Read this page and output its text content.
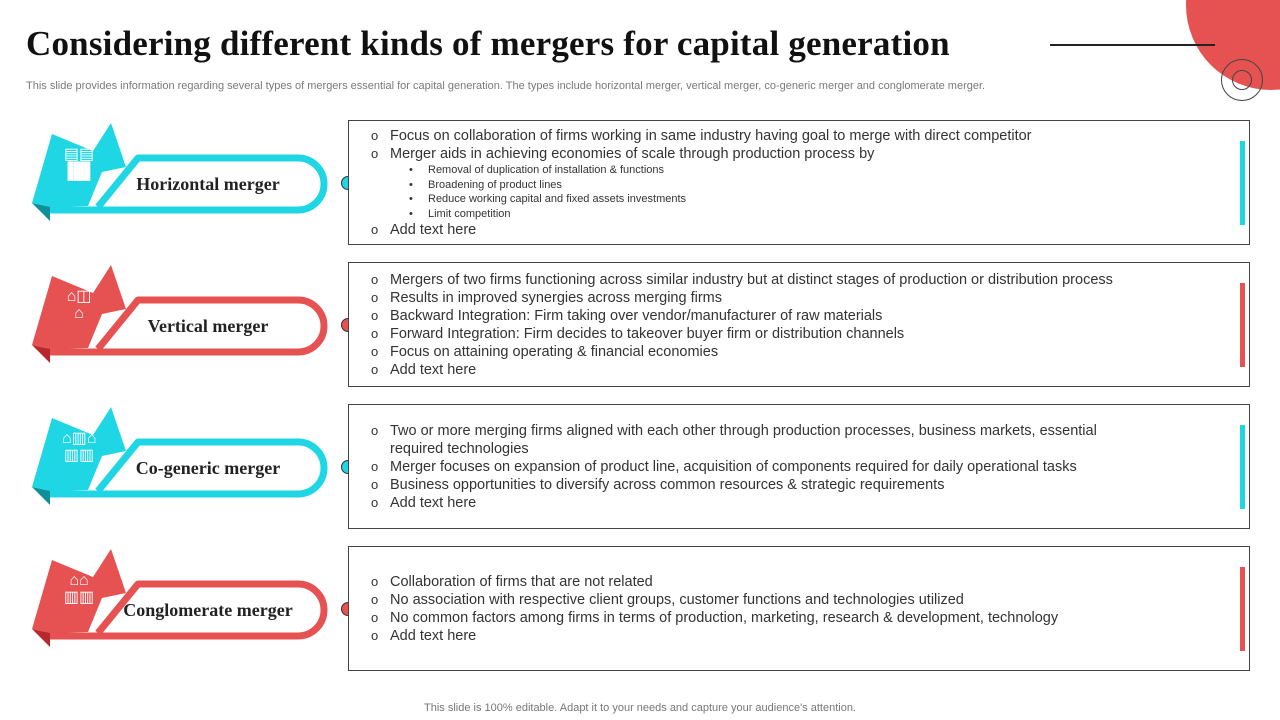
Considering different kinds of mergers for capital generation
This slide provides information regarding several types of mergers essential for capital generation. The types include horizontal merger, vertical merger, co-generic merger and conglomerate merger.
▤▤
▐█▌
Horizontal merger
o Focus on collaboration of firms working in same industry having goal to merge with direct competitor
o Merger aids in achieving economies of scale through production process by
• Removal of duplication of installation & functions
• Broadening of product lines
• Reduce working capital and fixed assets investments
• Limit competition
o Add text here
⌂◫
⌂
Vertical merger
o Mergers of two firms functioning across similar industry but at distinct stages of production or distribution process
o Results in improved synergies across merging firms
o Backward Integration: Firm taking over vendor/manufacturer of raw materials
o Forward Integration: Firm decides to takeover buyer firm or distribution channels
o Focus on attaining operating & financial economies
o Add text here
⌂▥⌂
▥▥
Co-generic merger
o Two or more merging firms aligned with each other through production processes, business markets, essential required technologies
o Merger focuses on expansion of product line, acquisition of components required for daily operational tasks
o Business opportunities to diversify across common resources & strategic requirements
o Add text here
⌂⌂
▥▥
Conglomerate merger
o Collaboration of firms that are not related
o No association with respective client groups, customer functions and technologies utilized
o No common factors among firms in terms of production, marketing, research & development, technology
o Add text here
This slide is 100% editable. Adapt it to your needs and capture your audience's attention.
